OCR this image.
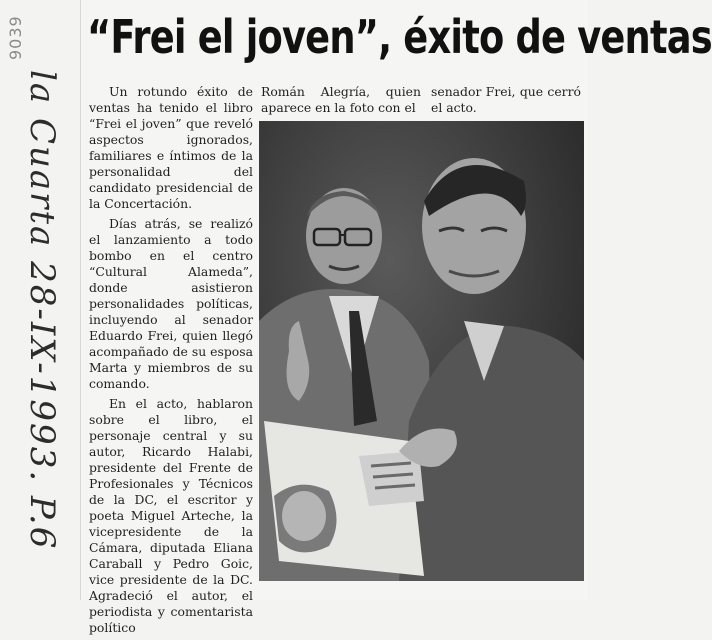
9039
la Cuarta 28-IX-1993. P.6
“Frei el joven”, éxito de ventas

Un rotundo éxito de ventas ha tenido el libro “Frei el joven” que reveló aspectos ignorados, familiares e íntimos de la personalidad del candidato presidencial de la Concertación.

Días atrás, se realizó el lanzamiento a todo bombo en el centro “Cultural Alameda”, donde asistieron personalidades políticas, incluyendo al senador Eduardo Frei, quien llegó acompañado de su esposa Marta y miembros de su comando.

En el acto, hablaron sobre el libro, el personaje central y su autor, Ricardo Halabi, presidente del Frente de Profesionales y Técnicos de la DC, el escritor y poeta Miguel Arteche, la vicepresidente de la Cámara, diputada Eliana Caraball y Pedro Goic, vice presidente de la DC. Agradeció el autor, el periodista y comentarista político

Román Alegría, quien aparece en la foto con el

senador Frei, que cerró el acto.
